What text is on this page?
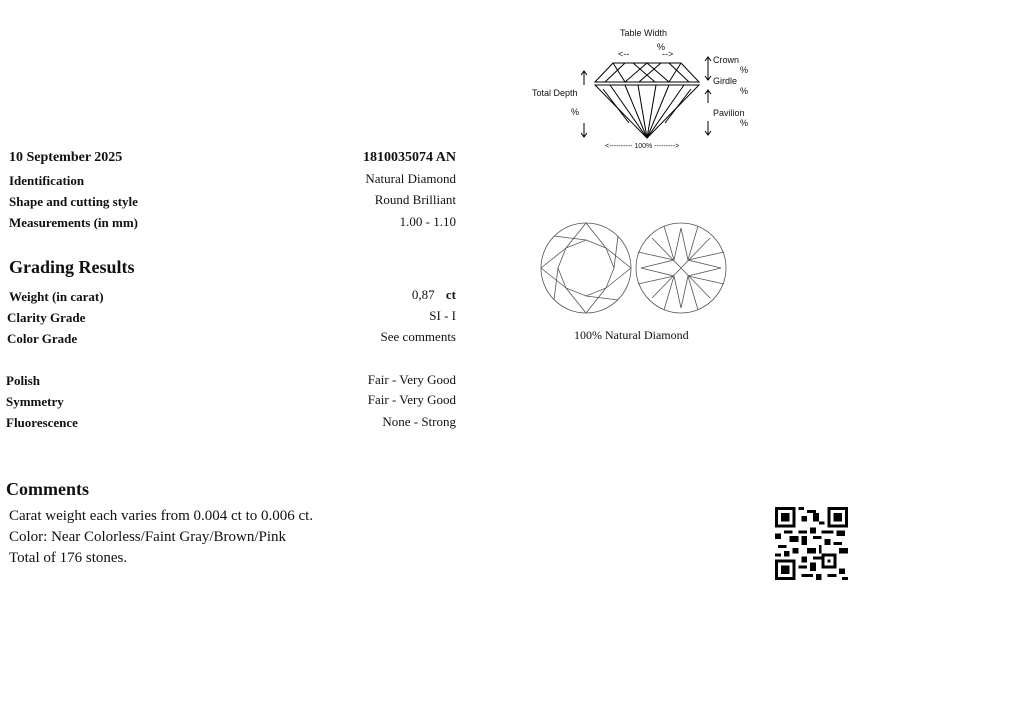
10 September 2025	1810035074 AN
Identification	Natural Diamond
Shape and cutting style	Round Brilliant
Measurements (in mm)	1.00 - 1.10
Grading Results
Weight (in carat)	0,87 ct
Clarity Grade	SI - I
Color Grade	See comments
Polish	Fair - Very Good
Symmetry	Fair - Very Good
Fluorescence	None - Strong
Comments
Carat weight each varies from 0.004 ct to 0.006 ct.
Color: Near Colorless/Faint Gray/Brown/Pink
Total of 176 stones.
Table Width
%
<--	-->
Crown
%
Girdle
%
Pavilion
%
Total Depth
%
<---------- 100% --------->
100% Natural Diamond
